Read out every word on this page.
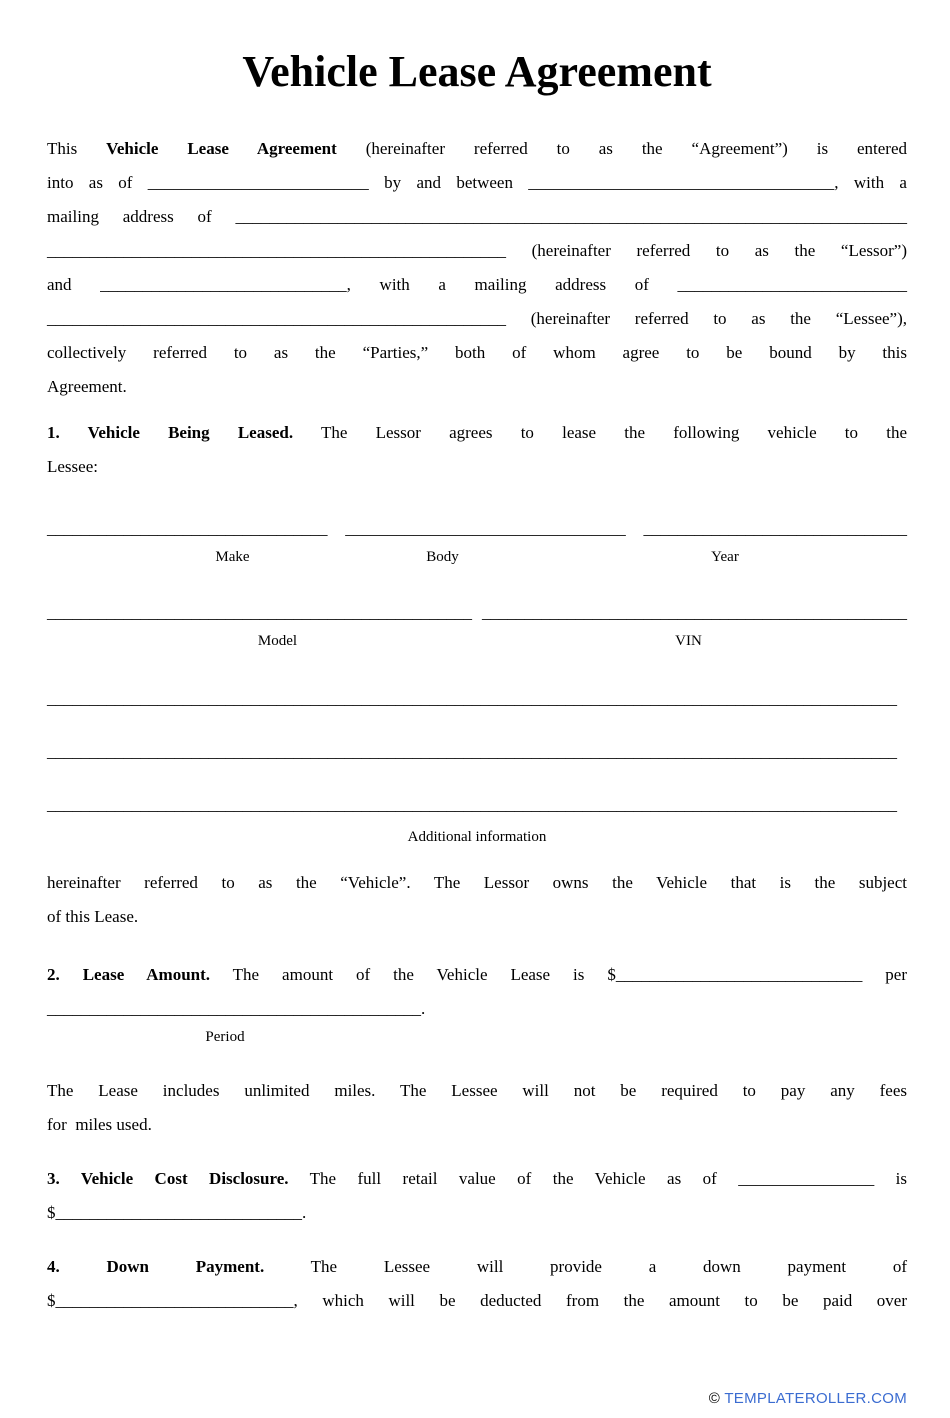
Vehicle Lease Agreement

This Vehicle Lease Agreement (hereinafter referred to as the “Agreement”) is entered

into as of __________________________ by and between ____________________________________, with a

mailing address of _______________________________________________________________________________

______________________________________________________ (hereinafter referred to as the “Lessor”)

and _____________________________, with a mailing address of ___________________________

______________________________________________________ (hereinafter referred to as the “Lessee”),

collectively referred to as the “Parties,” both of whom agree to be bound by this

Agreement.

1. Vehicle Being Leased. The Lessor agrees to lease the following vehicle to the

Lessee:

_________________________________ _________________________________ _______________________________
Make	Body	Year
__________________________________________________ __________________________________________________
Model	VIN

____________________________________________________________________________________________________

____________________________________________________________________________________________________

____________________________________________________________________________________________________

Additional information

hereinafter referred to as the “Vehicle”. The Lessor owns the Vehicle that is the subject

of this Lease.

2. Lease Amount. The amount of the Vehicle Lease is $_____________________________ per

____________________________________________.

Period

The Lease includes unlimited miles. The Lessee will not be required to pay any fees

for  miles used.

3. Vehicle Cost Disclosure. The full retail value of the Vehicle as of ________________ is

$_____________________________.

4. Down Payment. The Lessee will provide a down payment of

$____________________________, which will be deducted from the amount to be paid over

© TEMPLATEROLLER.COM
